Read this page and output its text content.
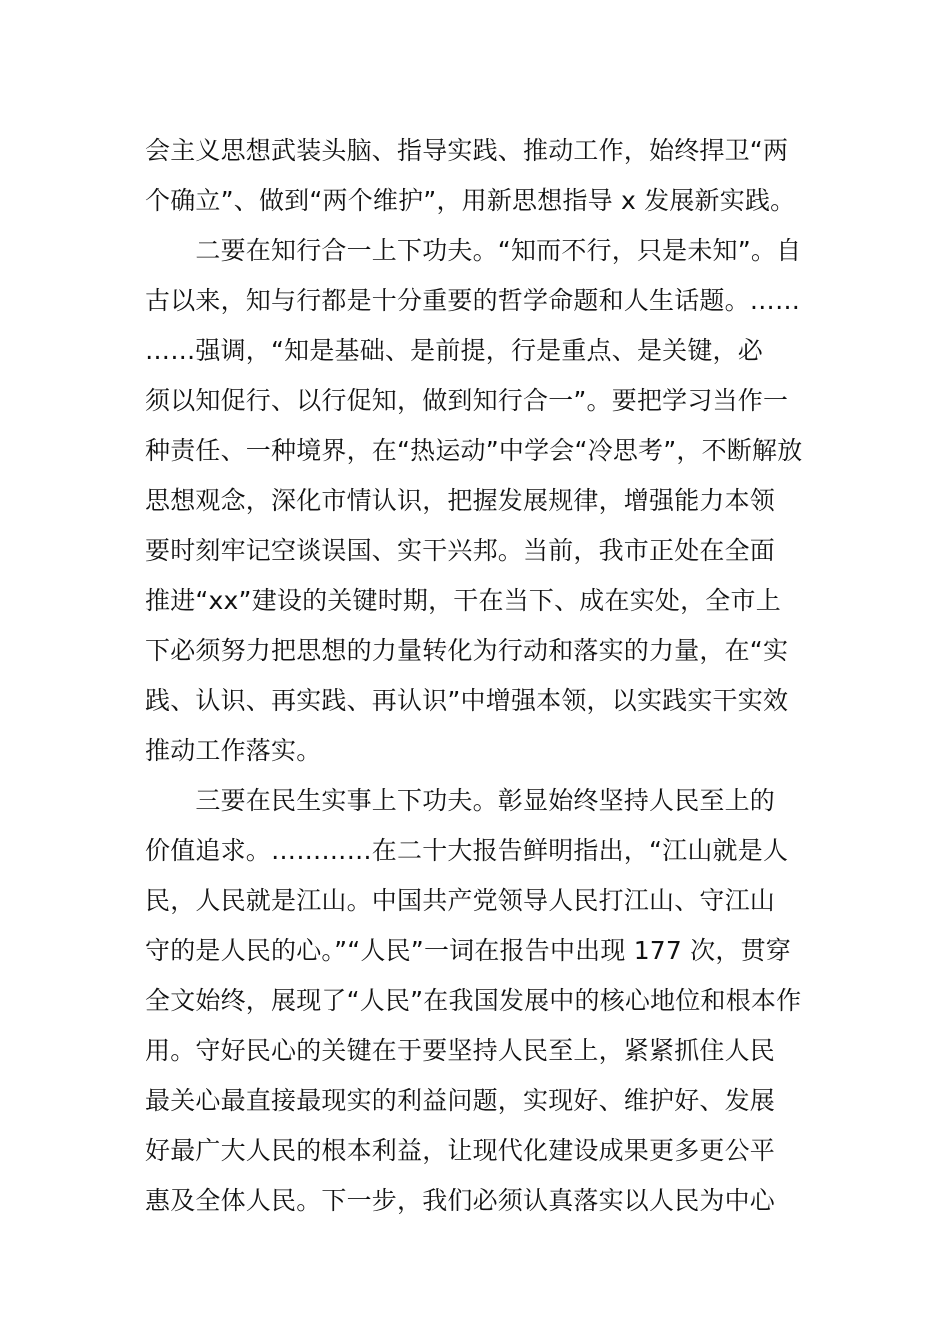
会主义思想武装头脑、指导实践、推动工作，始终捍卫“两
个确立”、做到“两个维护”，用新思想指导 x 发展新实践。
　　二要在知行合一上下功夫。“知而不行，只是未知”。自
古以来，知与行都是十分重要的哲学命题和人生话题。……
……强调，“知是基础、是前提，行是重点、是关键，必
须以知促行、以行促知，做到知行合一”。要把学习当作一
种责任、一种境界，在“热运动”中学会“冷思考”，不断解放
思想观念，深化市情认识，把握发展规律，增强能力本领
要时刻牢记空谈误国、实干兴邦。当前，我市正处在全面
推进“xx”建设的关键时期，干在当下、成在实处，全市上
下必须努力把思想的力量转化为行动和落实的力量，在“实
践、认识、再实践、再认识”中增强本领，以实践实干实效
推动工作落实。
　　三要在民生实事上下功夫。彰显始终坚持人民至上的
价值追求。…………在二十大报告鲜明指出，“江山就是人
民，人民就是江山。中国共产党领导人民打江山、守江山
守的是人民的心。”“人民”一词在报告中出现 177 次，贯穿
全文始终，展现了“人民”在我国发展中的核心地位和根本作
用。守好民心的关键在于要坚持人民至上，紧紧抓住人民
最关心最直接最现实的利益问题，实现好、维护好、发展
好最广大人民的根本利益，让现代化建设成果更多更公平
惠及全体人民。下一步，我们必须认真落实以人民为中心
